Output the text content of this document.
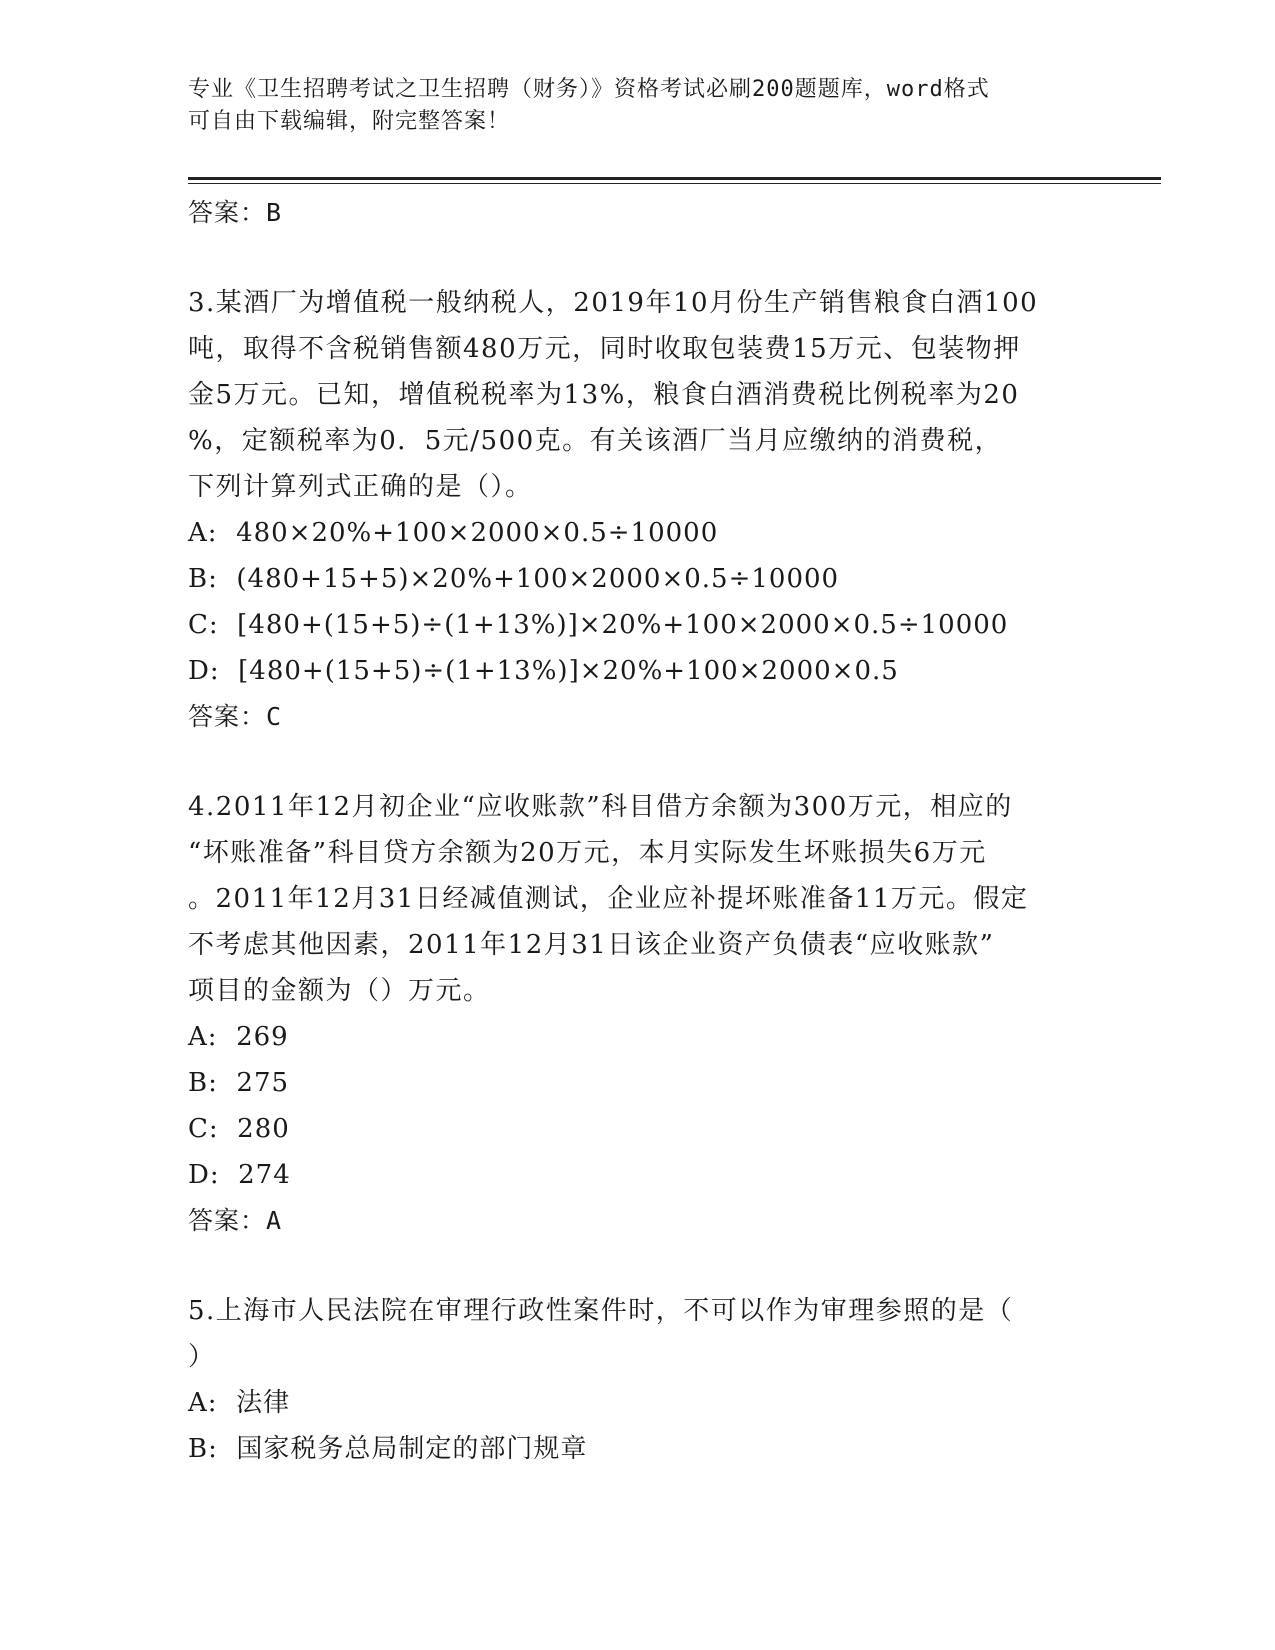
专业《卫生招聘考试之卫生招聘（财务）》资格考试必刷200题题库，word格式
可自由下载编辑，附完整答案！
答案：B

3.某酒厂为增值税一般纳税人，2019年10月份生产销售粮食白酒100

吨，取得不含税销售额480万元，同时收取包装费15万元、包装物押

金5万元。已知，增值税税率为13%，粮食白酒消费税比例税率为20

%，定额税率为0．5元/500克。有关该酒厂当月应缴纳的消费税，

下列计算列式正确的是（）。

A:  480×20%+100×2000×0.5÷10000
B:  (480+15+5)×20%+100×2000×0.5÷10000
C:  [480+(15+5)÷(1+13%)]×20%+100×2000×0.5÷10000
D:  [480+(15+5)÷(1+13%)]×20%+100×2000×0.5
答案：C

4.2011年12月初企业“应收账款”科目借方余额为300万元，相应的

“坏账准备”科目贷方余额为20万元，本月实际发生坏账损失6万元

。2011年12月31日经减值测试，企业应补提坏账准备11万元。假定

不考虑其他因素，2011年12月31日该企业资产负债表“应收账款”

项目的金额为（）万元。

A:  269
B:  275
C:  280
D:  274
答案：A

5.上海市人民法院在审理行政性案件时，不可以作为审理参照的是（

）

A:  法律
B:  国家税务总局制定的部门规章
